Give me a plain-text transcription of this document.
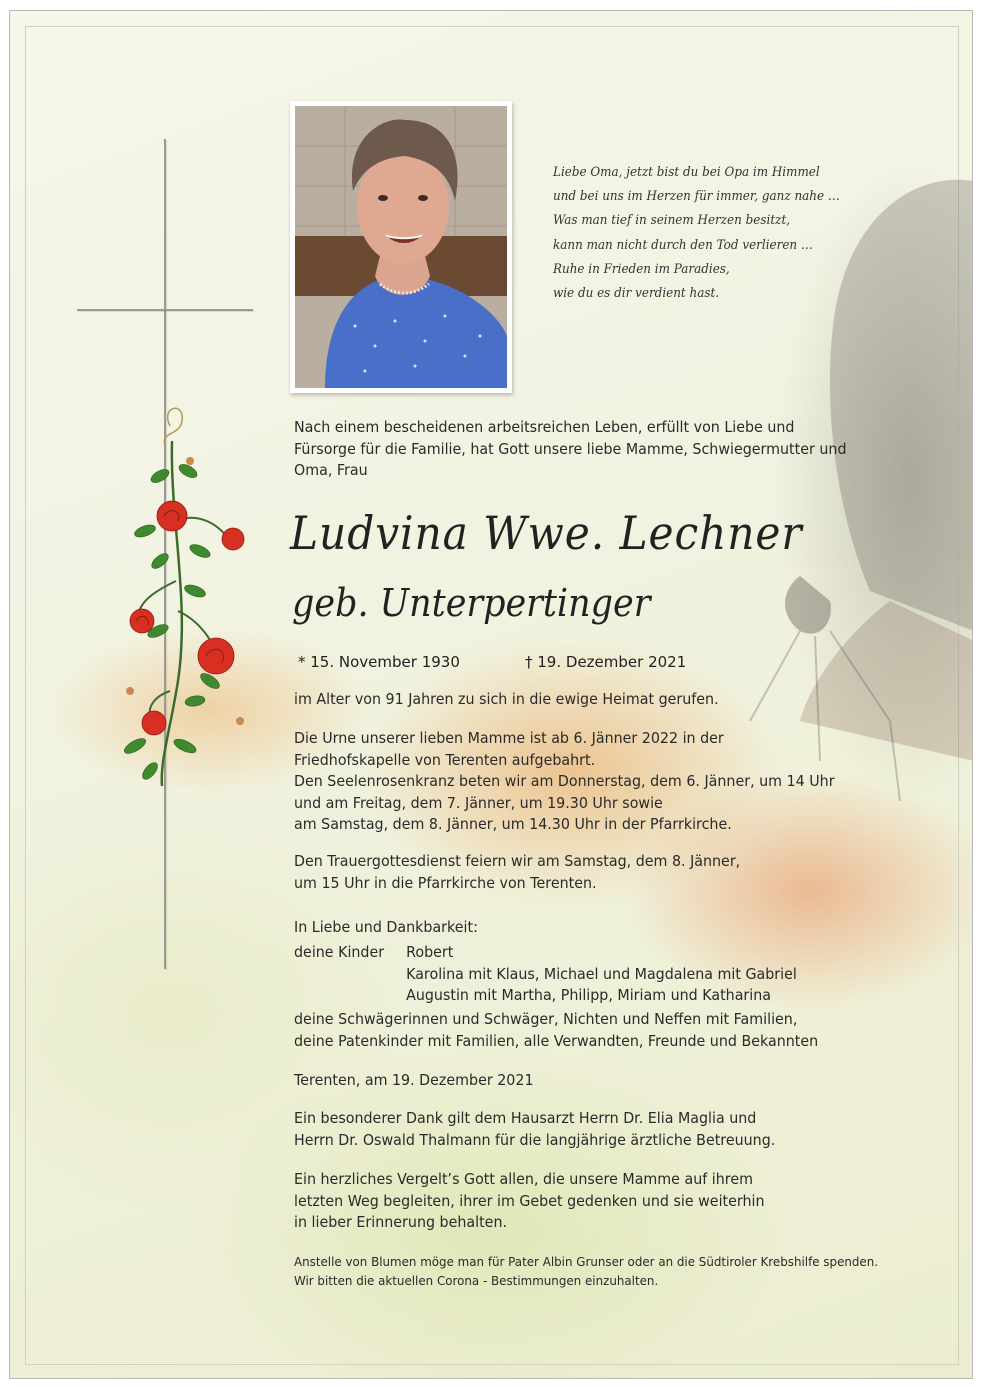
Liebe Oma, jetzt bist du bei Opa im Himmel
und bei uns im Herzen für immer, ganz nahe …
Was man tief in seinem Herzen besitzt,
kann man nicht durch den Tod verlieren …
Ruhe in Frieden im Paradies,
wie du es dir verdient hast.
Nach einem bescheidenen arbeitsreichen Leben, erfüllt von Liebe und
Fürsorge für die Familie, hat Gott unsere liebe Mamme, Schwiegermutter und
Oma, Frau
Ludvina Wwe. Lechner
geb. Unterpertinger
* 15. November 1930	† 19. Dezember 2021
im Alter von 91 Jahren zu sich in die ewige Heimat gerufen.
Die Urne unserer lieben Mamme ist ab 6. Jänner 2022 in der
Friedhofskapelle von Terenten aufgebahrt.
Den Seelenrosenkranz beten wir am Donnerstag, dem 6. Jänner, um 14 Uhr
und am Freitag, dem 7. Jänner, um 19.30 Uhr sowie
am Samstag, dem 8. Jänner, um 14.30 Uhr in der Pfarrkirche.
Den Trauergottesdienst feiern wir am Samstag, dem 8. Jänner,
um 15 Uhr in die Pfarrkirche von Terenten.
In Liebe und Dankbarkeit:
deine Kinder Robert
Karolina mit Klaus, Michael und Magdalena mit Gabriel
Augustin mit Martha, Philipp, Miriam und Katharina
deine Schwägerinnen und Schwäger, Nichten und Neffen mit Familien,
deine Patenkinder mit Familien, alle Verwandten, Freunde und Bekannten
Terenten, am 19. Dezember 2021
Ein besonderer Dank gilt dem Hausarzt Herrn Dr. Elia Maglia und
Herrn Dr. Oswald Thalmann für die langjährige ärztliche Betreuung.
Ein herzliches Vergelt’s Gott allen, die unsere Mamme auf ihrem
letzten Weg begleiten, ihrer im Gebet gedenken und sie weiterhin
in lieber Erinnerung behalten.
Anstelle von Blumen möge man für Pater Albin Grunser oder an die Südtiroler Krebshilfe spenden.
Wir bitten die aktuellen Corona - Bestimmungen einzuhalten.
